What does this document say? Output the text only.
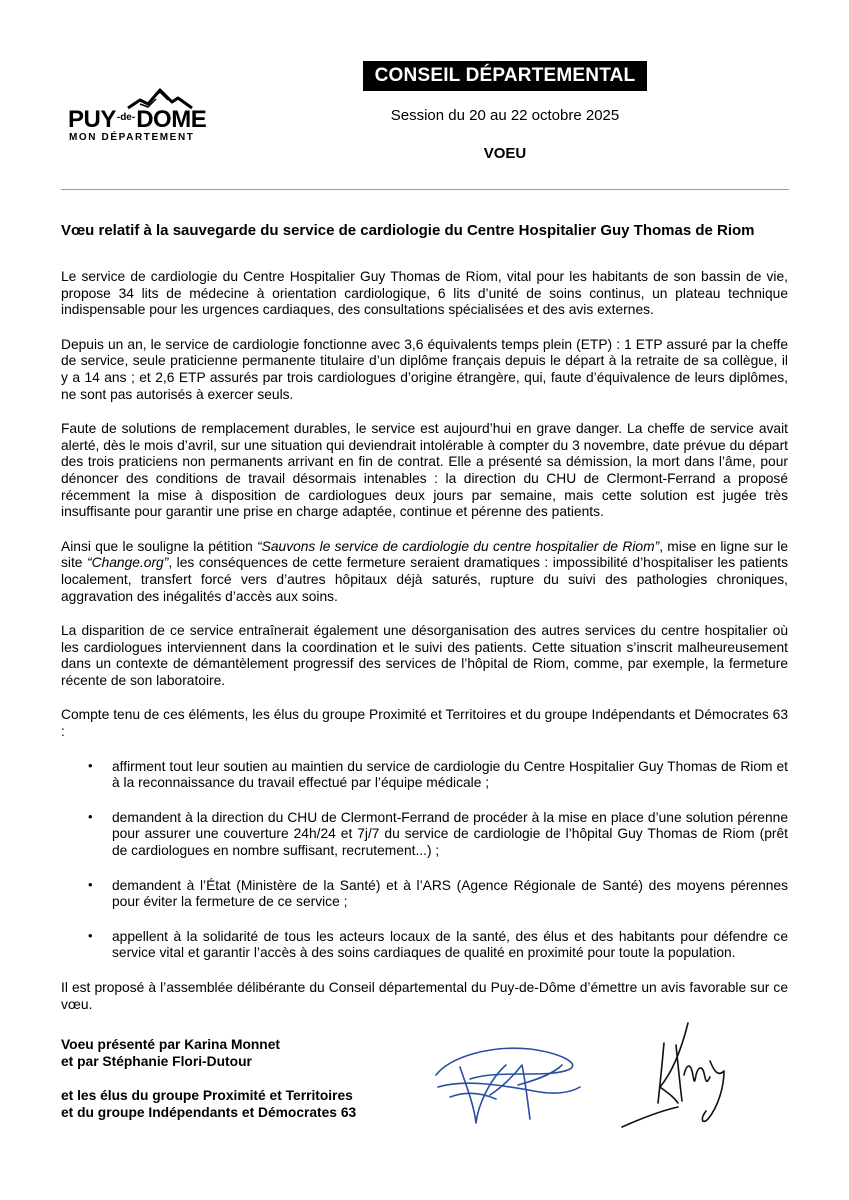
$PUY^{-de-}DOME$
MON DÉPARTEMENT
CONSEIL DÉPARTEMENTAL
Session du 20 au 22 octobre 2025
VOEU
Vœu relatif à la sauvegarde du service de cardiologie du Centre Hospitalier Guy Thomas de Riom

Le service de cardiologie du Centre Hospitalier Guy Thomas de Riom, vital pour les habitants de son bassin de vie, propose 34 lits de médecine à orientation cardiologique, 6 lits d’unité de soins continus, un plateau technique indispensable pour les urgences cardiaques, des consultations spécialisées et des avis externes.

Depuis un an, le service de cardiologie fonctionne avec 3,6 équivalents temps plein (ETP) : 1 ETP assuré par la cheffe de service, seule praticienne permanente titulaire d’un diplôme français depuis le départ à la retraite de sa collègue, il y a 14 ans ; et 2,6 ETP assurés par trois cardiologues d’origine étrangère, qui, faute d’équivalence de leurs diplômes, ne sont pas autorisés à exercer seuls.

Faute de solutions de remplacement durables, le service est aujourd’hui en grave danger. La cheffe de service avait alerté, dès le mois d’avril, sur une situation qui deviendrait intolérable à compter du 3 novembre, date prévue du départ des trois praticiens non permanents arrivant en fin de contrat. Elle a présenté sa démission, la mort dans l’âme, pour dénoncer des conditions de travail désormais intenables : la direction du CHU de Clermont-Ferrand a proposé récemment la mise à disposition de cardiologues deux jours par semaine, mais cette solution est jugée très insuffisante pour garantir une prise en charge adaptée, continue et pérenne des patients.

Ainsi que le souligne la pétition “Sauvons le service de cardiologie du centre hospitalier de Riom”, mise en ligne sur le site “Change.org”, les conséquences de cette fermeture seraient dramatiques : impossibilité d’hospitaliser les patients localement, transfert forcé vers d’autres hôpitaux déjà saturés, rupture du suivi des pathologies chroniques, aggravation des inégalités d’accès aux soins.

La disparition de ce service entraînerait également une désorganisation des autres services du centre hospitalier où les cardiologues interviennent dans la coordination et le suivi des patients. Cette situation s’inscrit malheureusement dans un contexte de démantèlement progressif des services de l’hôpital de Riom, comme, par exemple, la fermeture récente de son laboratoire.

Compte tenu de ces éléments, les élus du groupe Proximité et Territoires et du groupe Indépendants et Démocrates 63 :

• affirment tout leur soutien au maintien du service de cardiologie du Centre Hospitalier Guy Thomas de Riom et à la reconnaissance du travail effectué par l’équipe médicale ;
• demandent à la direction du CHU de Clermont-Ferrand de procéder à la mise en place d’une solution pérenne pour assurer une couverture 24h/24 et 7j/7 du service de cardiologie de l’hôpital Guy Thomas de Riom (prêt de cardiologues en nombre suffisant, recrutement...) ;
• demandent à l’État (Ministère de la Santé) et à l’ARS (Agence Régionale de Santé) des moyens pérennes pour éviter la fermeture de ce service ;
• appellent à la solidarité de tous les acteurs locaux de la santé, des élus et des habitants pour défendre ce service vital et garantir l’accès à des soins cardiaques de qualité en proximité pour toute la population.

Il est proposé à l’assemblée délibérante du Conseil départemental du Puy-de-Dôme d’émettre un avis favorable sur ce vœu.

Voeu présenté par Karina Monnet
et par Stéphanie Flori-Dutour
et les élus du groupe Proximité et Territoires
et du groupe Indépendants et Démocrates 63
